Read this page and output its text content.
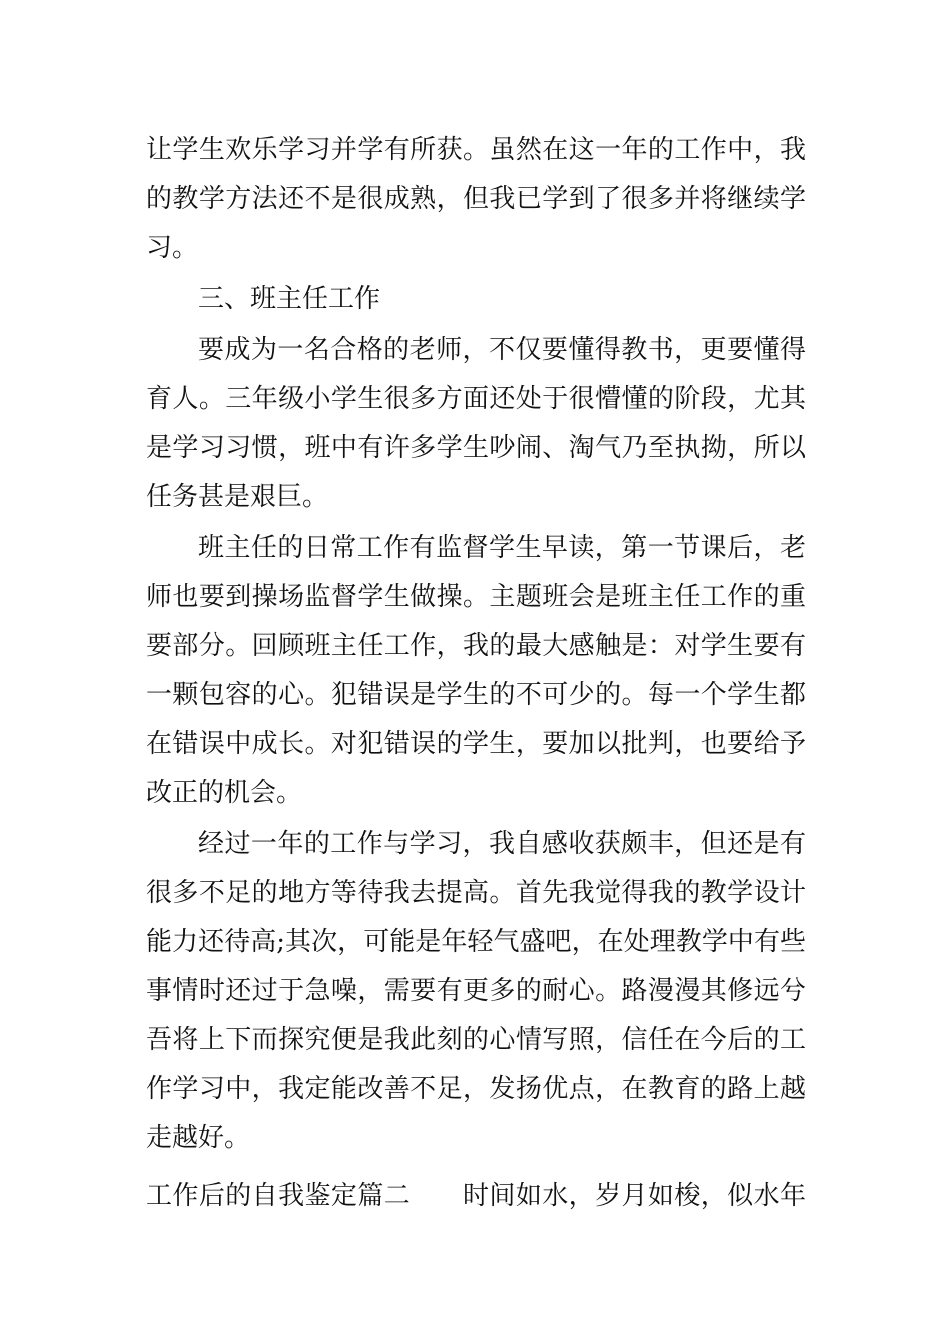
让学生欢乐学习并学有所获。虽然在这一年的工作中，我
的教学方法还不是很成熟，但我已学到了很多并将继续学
习。
三、班主任工作
要成为一名合格的老师，不仅要懂得教书，更要懂得
育人。三年级小学生很多方面还处于很懵懂的阶段，尤其
是学习习惯，班中有许多学生吵闹、淘气乃至执拗，所以
任务甚是艰巨。
班主任的日常工作有监督学生早读，第一节课后，老
师也要到操场监督学生做操。主题班会是班主任工作的重
要部分。回顾班主任工作，我的最大感触是：对学生要有
一颗包容的心。犯错误是学生的不可少的。每一个学生都
在错误中成长。对犯错误的学生，要加以批判，也要给予
改正的机会。
经过一年的工作与学习，我自感收获颇丰，但还是有
很多不足的地方等待我去提高。首先我觉得我的教学设计
能力还待高;其次，可能是年轻气盛吧，在处理教学中有些
事情时还过于急噪，需要有更多的耐心。路漫漫其修远兮
吾将上下而探究便是我此刻的心情写照，信任在今后的工
作学习中，我定能改善不足，发扬优点，在教育的路上越
走越好。
工作后的自我鉴定篇二　　时间如水，岁月如梭，似水年
